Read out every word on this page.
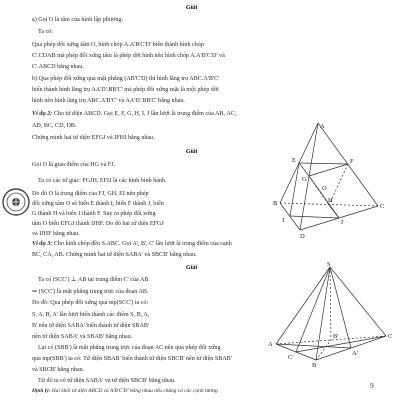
Giải
a) Gọi O là tâm của hình lập phương.
Ta có:
Qua phép đối xứng tâm O, hình chóp A.A'B'C'D' biến thành hình chóp
C'.CDAB mà phép đối xứng tâm là phép dời hình nên hình chóp A.A'B'C'D' và
C'.ABCD bằng nhau.
b) Qua phép đối xứng qua mặt phẳng (AB'C'D) thì hình lăng trụ ABC.A'B'C'
biến thành hình lăng trụ AA'D'.BB'C' mà phép đối xứng mặt là một phép dời
hình nên hình lăng trụ ABC.A'B'C' và AA'D'.BB'C' bằng nhau.
Ví dụ 2: Cho tứ diện ABCD. Gọi E, F, G, H, I, J lần lượt là trung điểm của AB, AC,
AD, BC, CD, DB.
Chứng minh hai tứ diện EFGJ và IFHJ bằng nhau.
Giải
Gọi O là giao điểm của HG và FJ.
Ta có các tứ giác: FGJH, EFIJ là các hình bình hành.
Do đó O là trung điểm của FJ, GH, EI nên phép
đối xứng tâm O sẽ biến E thành I, biến F thành J, biến
G thành H và biến J thành F. Suy ra phép đối xứng
tâm O biến EFGJ thành IJHF. Do đó hai tứ diện EFGJ
và IJHF bằng nhau.
Ví dụ 3: Cho hình chóp đều S.ABC. Gọi A', B', C' lần lượt là trung điểm của cạnh
BC, CA, AB. Chứng minh hai tứ diện SABA' và SBCB' bằng nhau.
Giải
Ta có (SCC') ⊥ AB tại trung điểm C' của AB
⇒ (SCC') là mặt phẳng trung trực của đoạn AB.
Do đó: Qua phép đối xứng qua mp(SCC') ta có:
S, A, B, A' lần lượt biến thành các điểm S, B, A,
B' nên tứ diện SABA' biến thành tứ diện SBAB'
nên tứ diện SABA' và SBAB' bằng nhau.
Lại có (SBB') là mặt phẳng trung trực của đoạn AC nên qua phép đối xứng
qua mp(SBB') ta có: Tứ diện SBAB' biến thành tứ diện SBCB' nên tứ diện SBAB'
và SBCB' bằng nhau.
Từ đó ta có tứ diện SABA' và tứ diện SBCB' bằng nhau.
Định lý: Hai khối tứ diện ABCD và A'B'C'D' bằng nhau nếu chúng có các cạnh tương
9
A
B	C
D
E	F
G
H
I
J
O
S
A
B
C
A'
B'
C'
